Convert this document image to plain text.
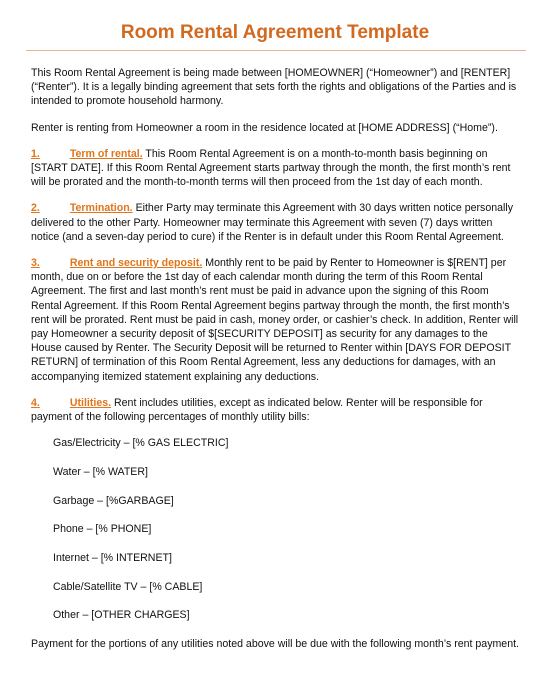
Room Rental Agreement Template

This Room Rental Agreement is being made between [HOMEOWNER] (“Homeowner”) and [RENTER] (“Renter”). It is a legally binding agreement that sets forth the rights and obligations of the Parties and is intended to promote household harmony.

Renter is renting from Homeowner a room in the residence located at [HOME ADDRESS] (“Home”).

1.	Term of rental. This Room Rental Agreement is on a month-to-month basis beginning on [START DATE]. If this Room Rental Agreement starts partway through the month, the first month’s rent will be prorated and the month-to-month terms will then proceed from the 1st day of each month.

2.	Termination. Either Party may terminate this Agreement with 30 days written notice personally delivered to the other Party. Homeowner may terminate this Agreement with seven (7) days written notice (and a seven-day period to cure) if the Renter is in default under this Room Rental Agreement.

3.	Rent and security deposit. Monthly rent to be paid by Renter to Homeowner is $[RENT] per month, due on or before the 1st day of each calendar month during the term of this Room Rental Agreement. The first and last month’s rent must be paid in advance upon the signing of this Room Rental Agreement. If this Room Rental Agreement begins partway through the month, the first month’s rent will be prorated. Rent must be paid in cash, money order, or cashier’s check. In addition, Renter will pay Homeowner a security deposit of $[SECURITY DEPOSIT] as security for any damages to the House caused by Renter. The Security Deposit will be returned to Renter within [DAYS FOR DEPOSIT RETURN] of termination of this Room Rental Agreement, less any deductions for damages, with an accompanying itemized statement explaining any deductions.

4.	Utilities. Rent includes utilities, except as indicated below. Renter will be responsible for payment of the following percentages of monthly utility bills:

Gas/Electricity – [% GAS ELECTRIC]
Water – [% WATER]
Garbage – [%GARBAGE]
Phone – [% PHONE]
Internet – [% INTERNET]
Cable/Satellite TV – [% CABLE]
Other – [OTHER CHARGES]

Payment for the portions of any utilities noted above will be due with the following month’s rent payment.
